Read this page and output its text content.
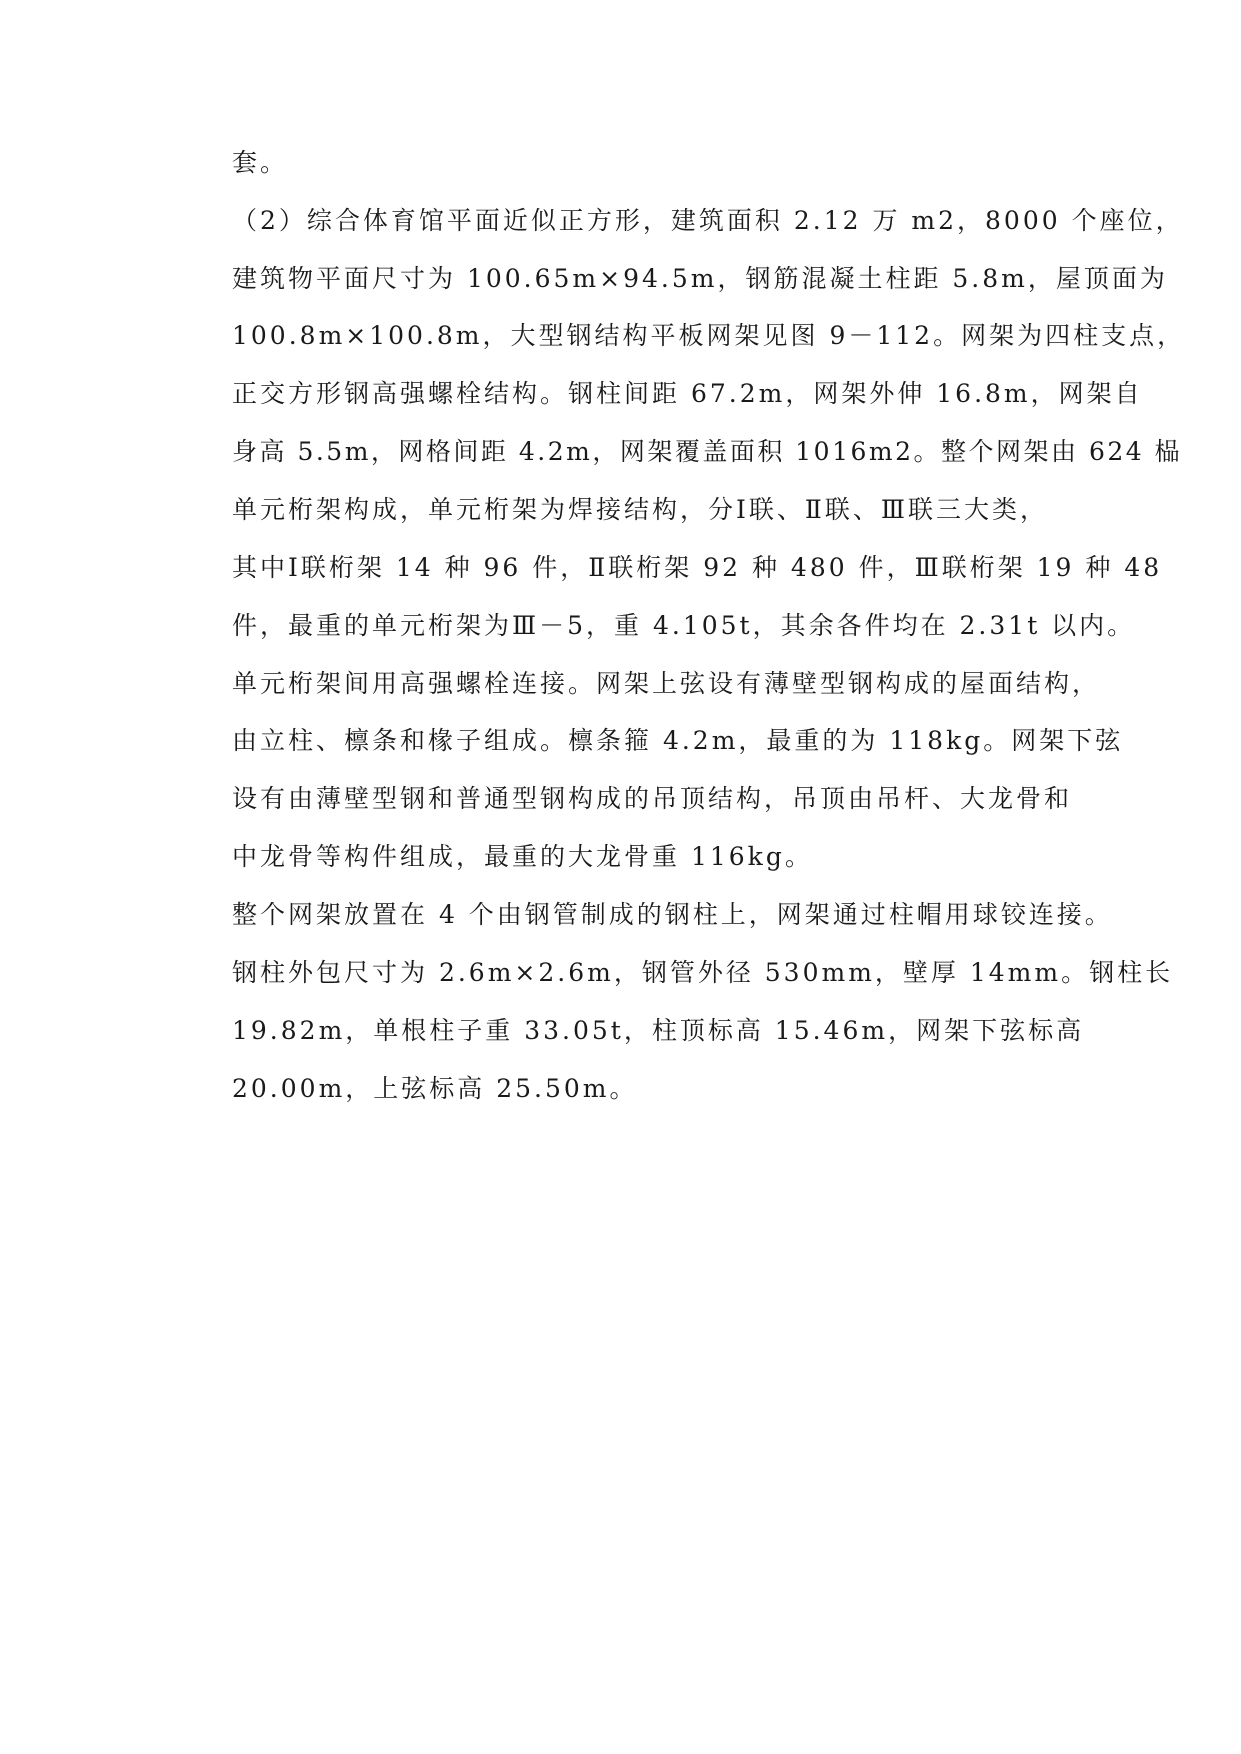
套。
（2）综合体育馆平面近似正方形，建筑面积 2.12 万 m2，8000 个座位，
建筑物平面尺寸为 100.65m×94.5m，钢筋混凝土柱距 5.8m，屋顶面为
100.8m×100.8m，大型钢结构平板网架见图 9－112。网架为四柱支点，
正交方形钢高强螺栓结构。钢柱间距 67.2m，网架外伸 16.8m，网架自
身高 5.5m，网格间距 4.2m，网架覆盖面积 1016m2。整个网架由 624 榀
单元桁架构成，单元桁架为焊接结构，分Ⅰ联、Ⅱ联、Ⅲ联三大类，
其中Ⅰ联桁架 14 种 96 件，Ⅱ联桁架 92 种 480 件，Ⅲ联桁架 19 种 48
件，最重的单元桁架为Ⅲ－5，重 4.105t，其余各件均在 2.31t 以内。
单元桁架间用高强螺栓连接。网架上弦设有薄壁型钢构成的屋面结构，
由立柱、檩条和椽子组成。檩条箍 4.2m，最重的为 118kg。网架下弦
设有由薄壁型钢和普通型钢构成的吊顶结构，吊顶由吊杆、大龙骨和
中龙骨等构件组成，最重的大龙骨重 116kg。
整个网架放置在 4 个由钢管制成的钢柱上，网架通过柱帽用球铰连接。
钢柱外包尺寸为 2.6m×2.6m，钢管外径 530mm，壁厚 14mm。钢柱长
19.82m，单根柱子重 33.05t，柱顶标高 15.46m，网架下弦标高
20.00m，上弦标高 25.50m。
